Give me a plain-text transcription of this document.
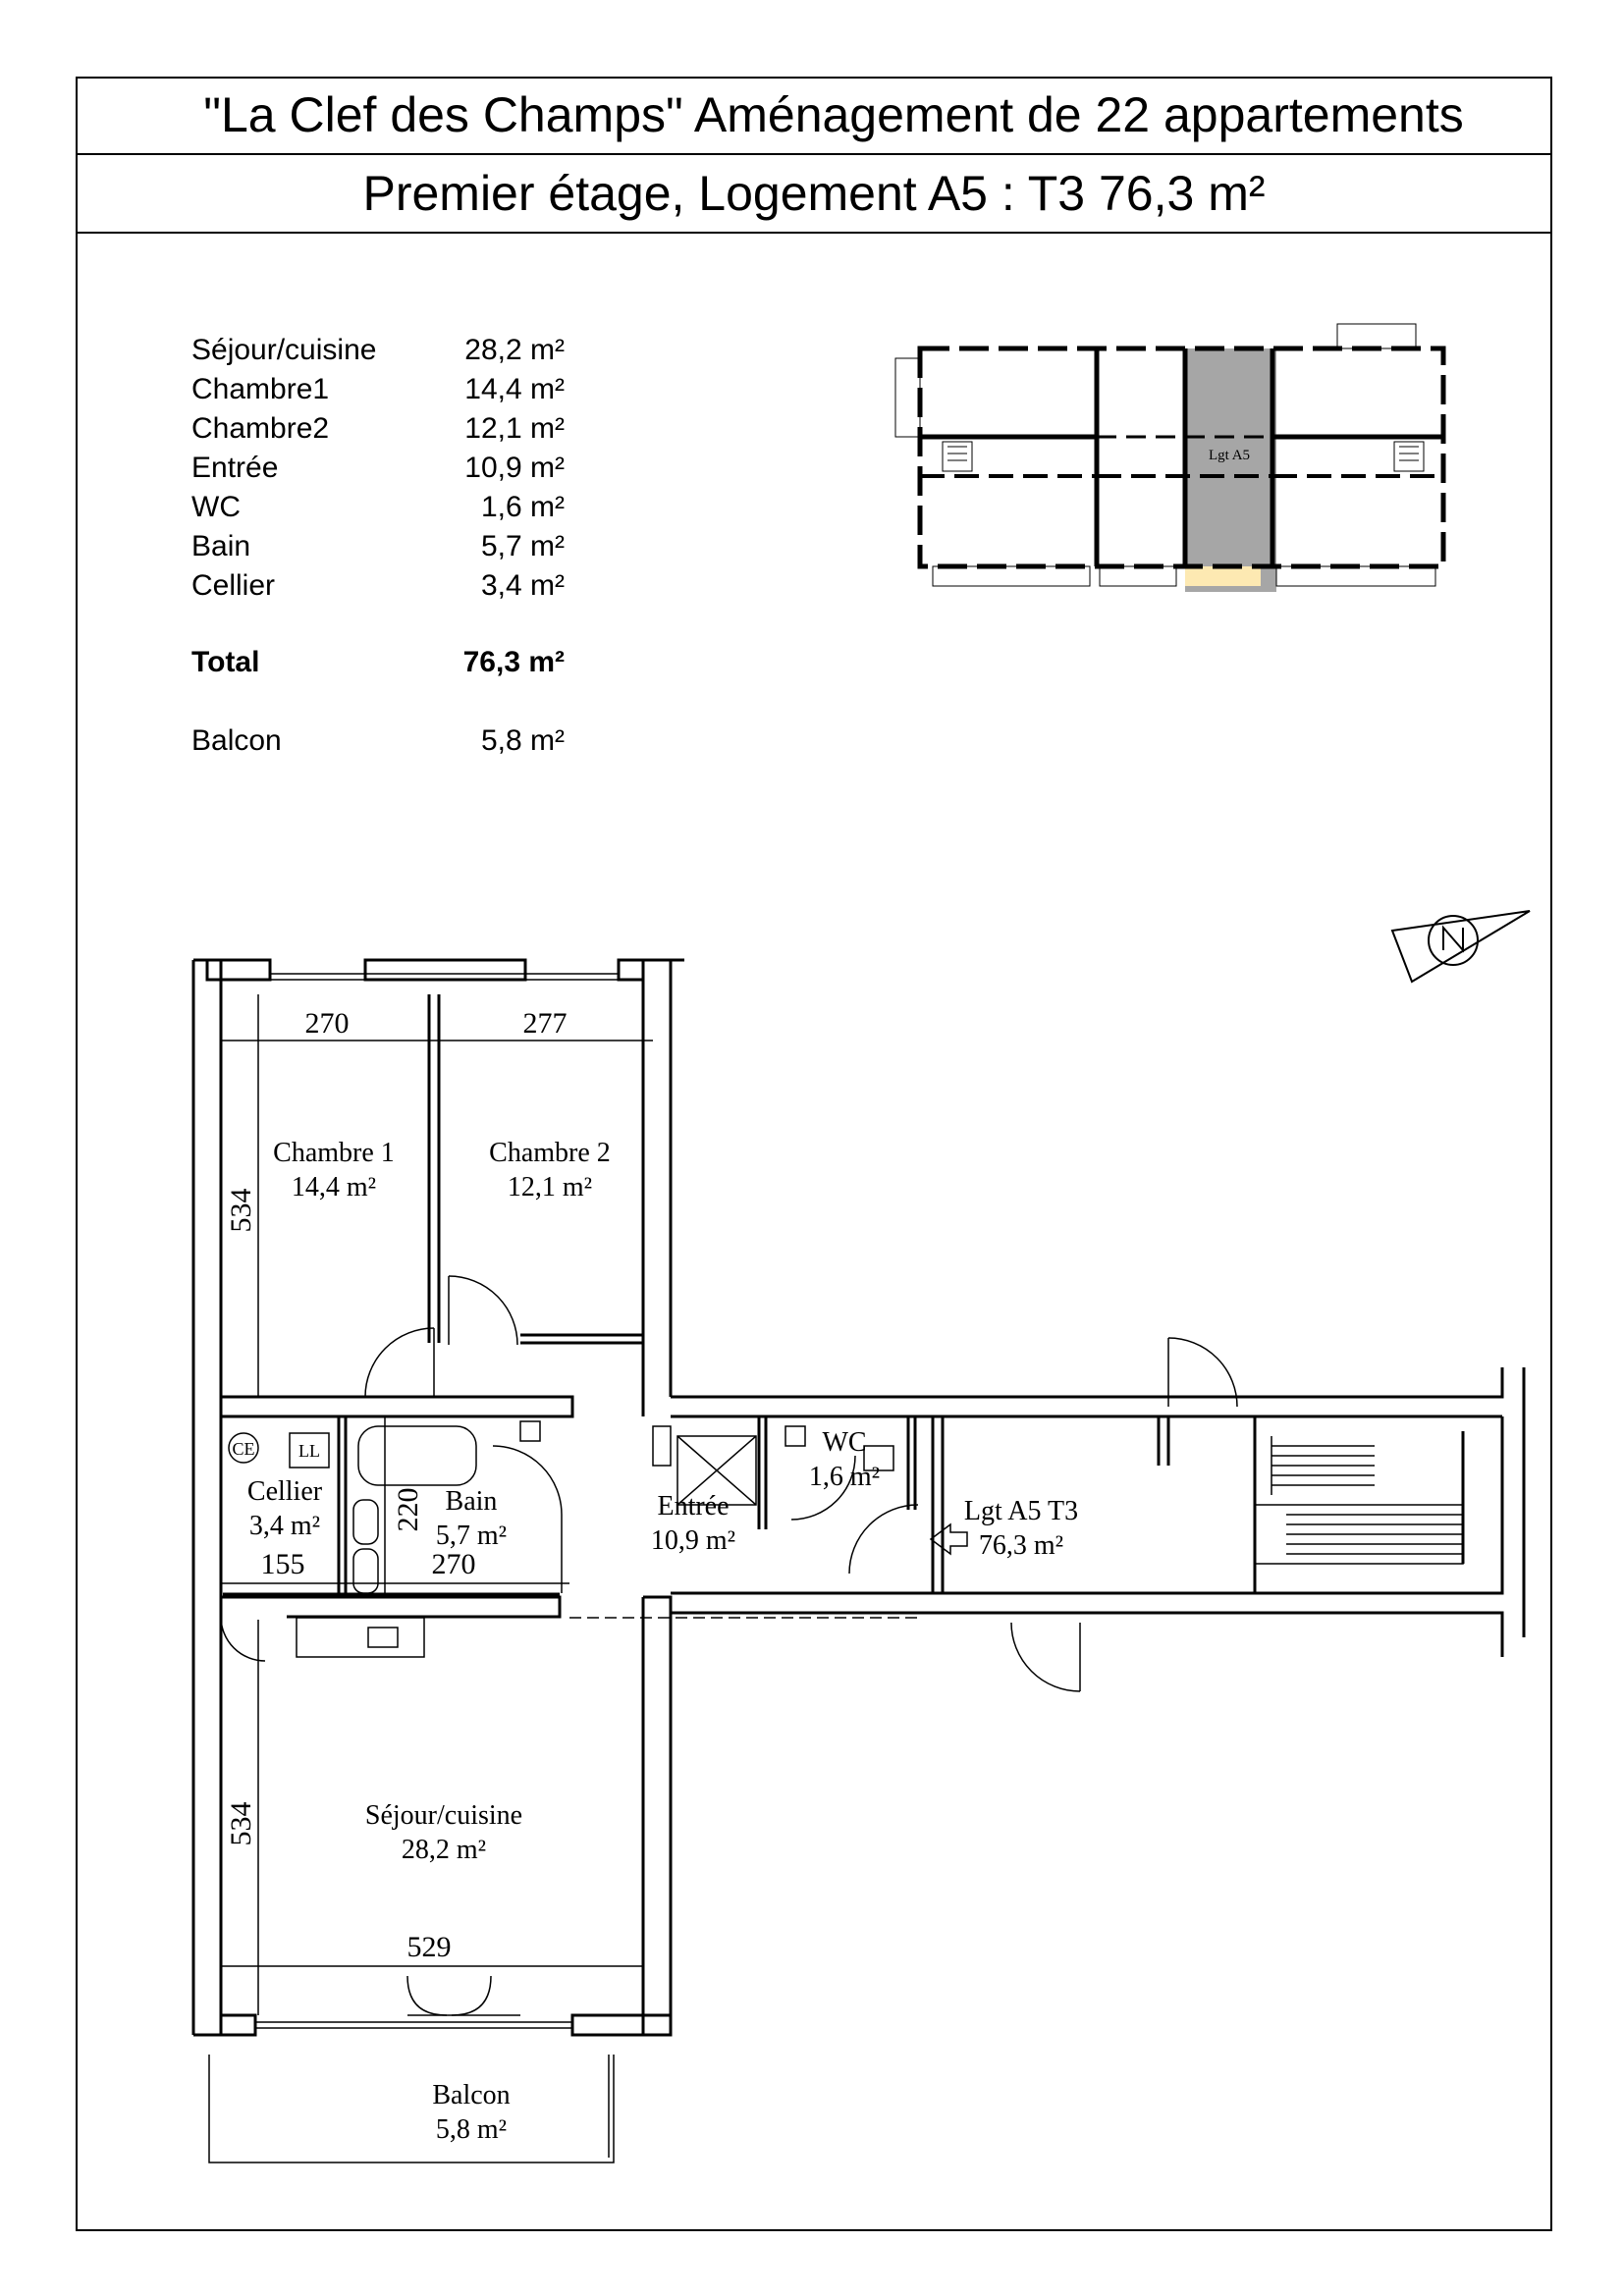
"La Clef des Champs" Aménagement de 22 appartements
Premier étage, Logement A5 : T3 76,3 m²
Séjour/cuisine	28,2 m²
Chambre1	14,4 m²
Chambre2	12,1 m²
Entrée	10,9 m²
WC	1,6 m²
Bain	5,7 m²
Cellier	3,4 m²
Total	76,3 m²
Balcon	5,8 m²
Lgt A5
Chambre 1
14,4 m²
Chambre 2
12,1 m²
Cellier
3,4 m²
Bain
5,7 m²
WC
1,6 m²
Entrée
10,9 m²
Lgt A5 T3
76,3 m²
Séjour/cuisine
28,2 m²
Balcon
5,8 m²
270	277
534
220
155	270
534
529
CE LL
